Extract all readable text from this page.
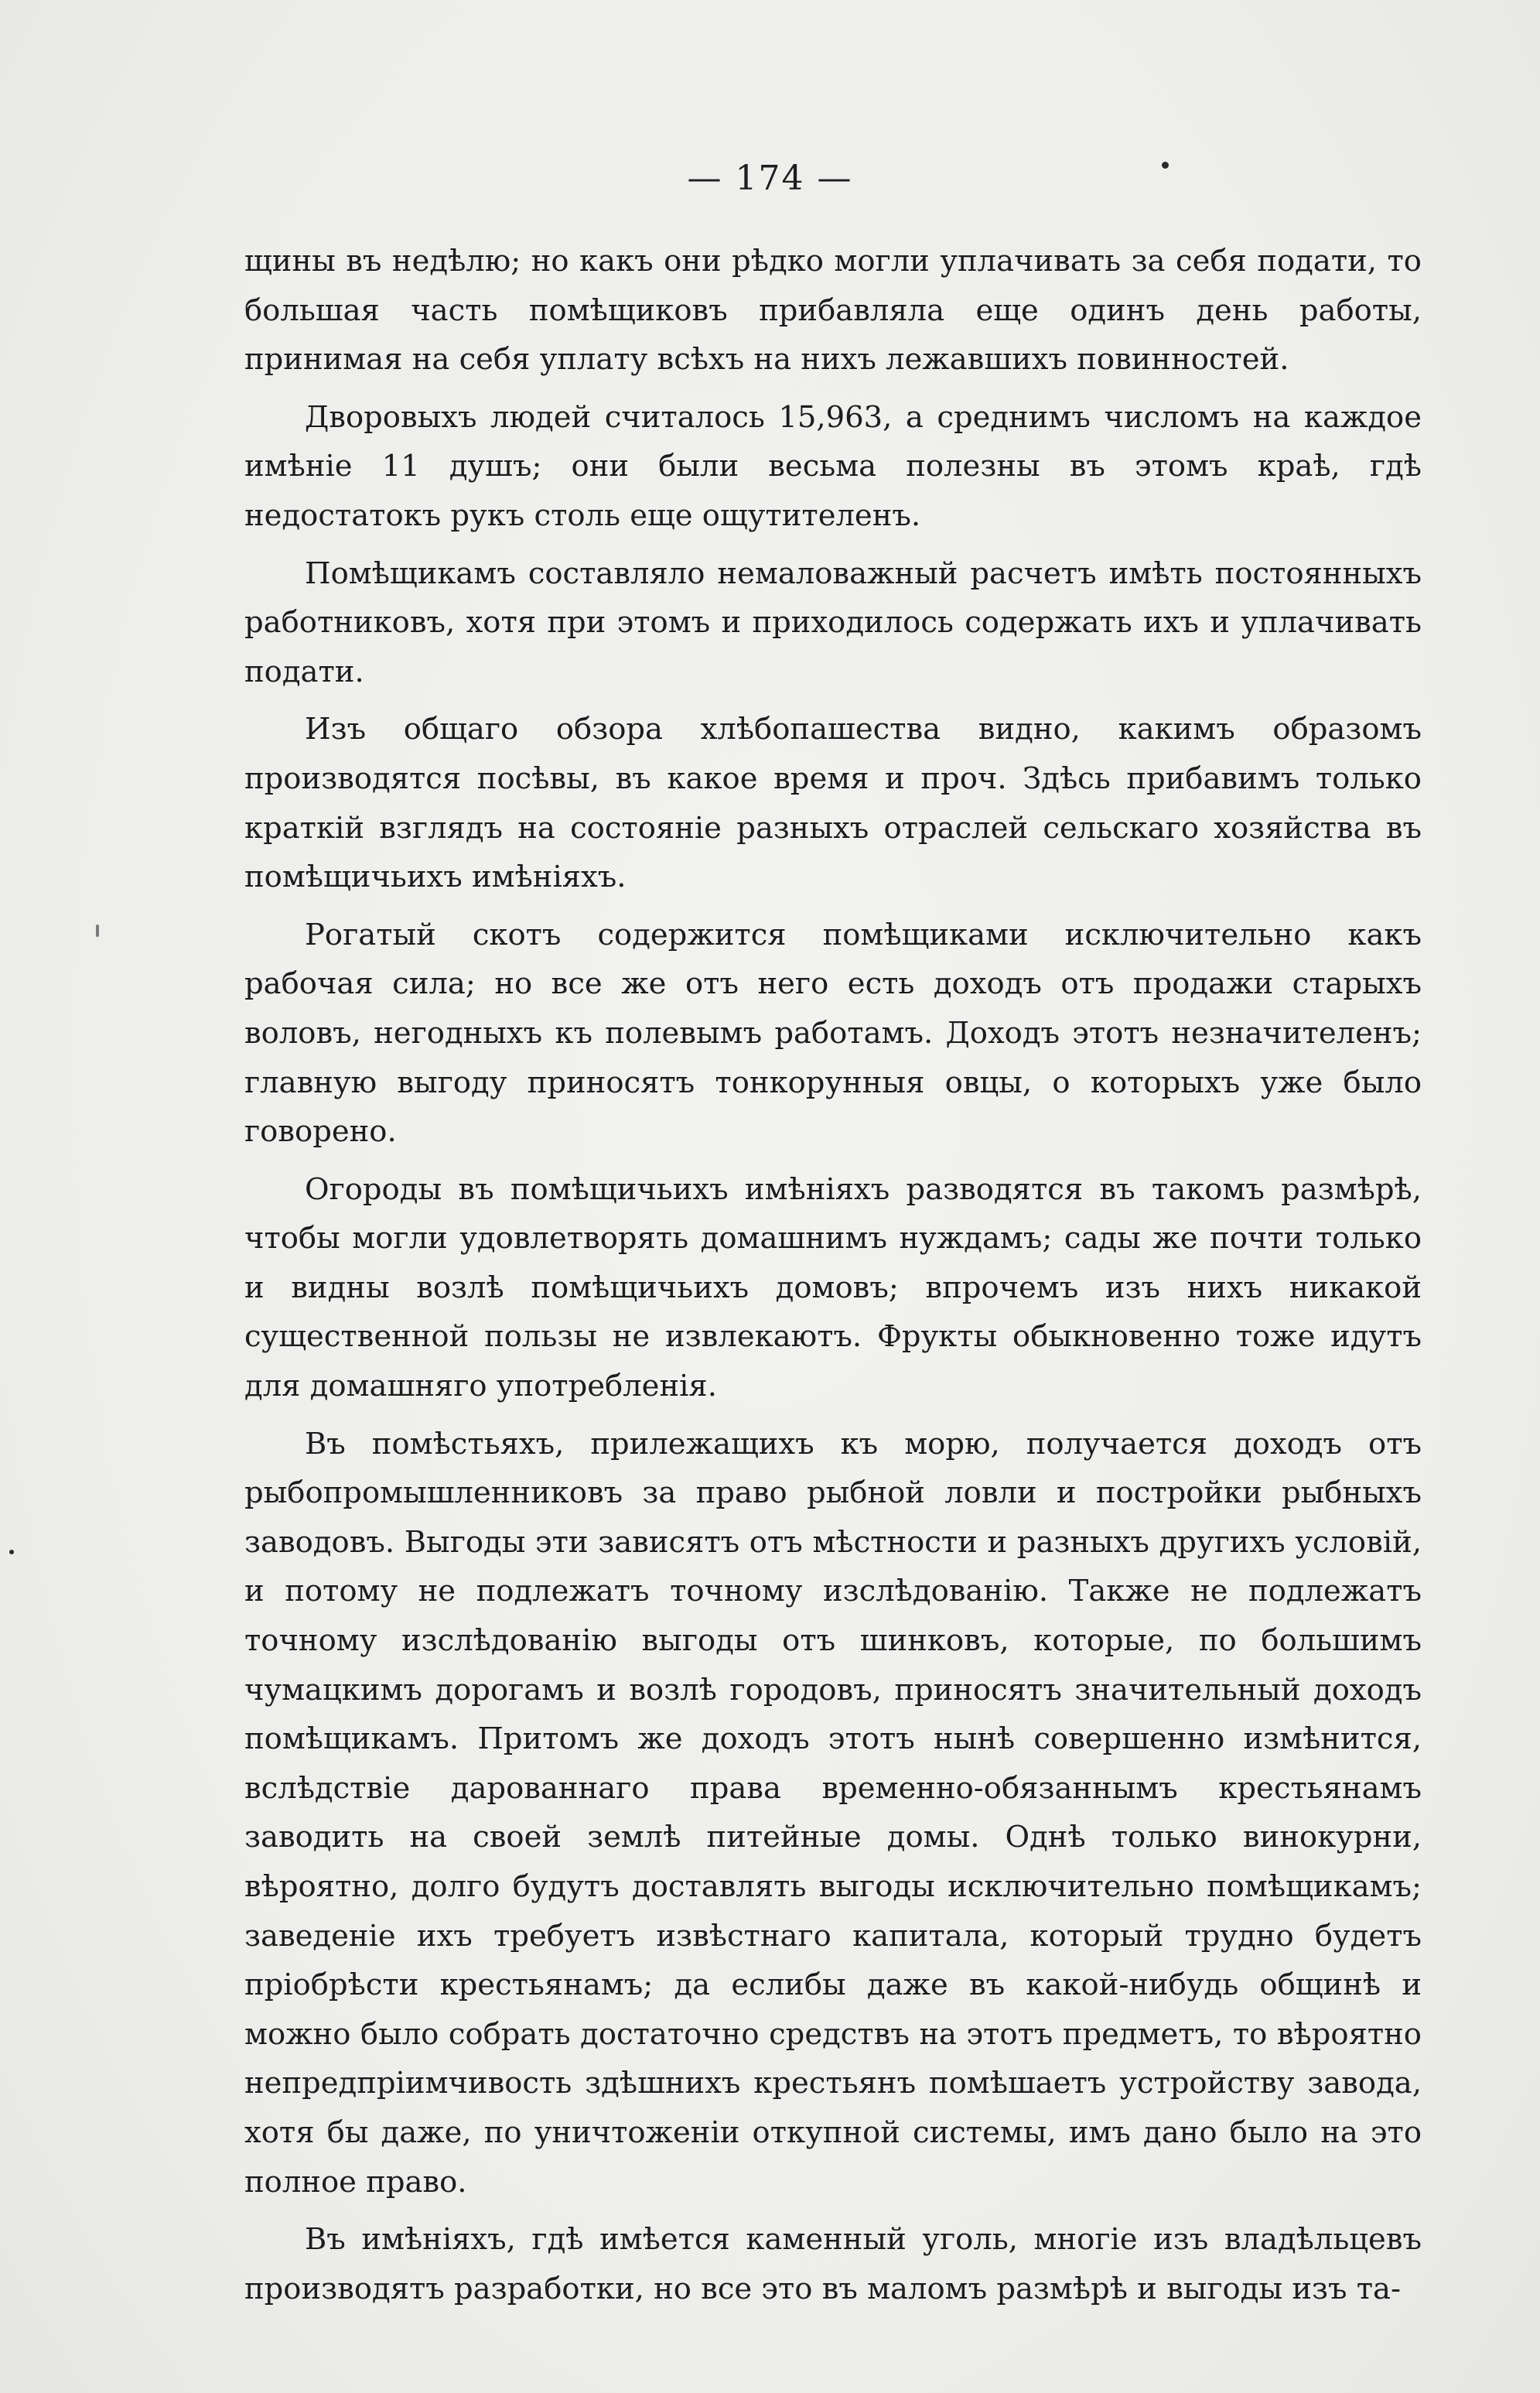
— 174 —

щины въ недѣлю; но какъ они рѣдко могли уплачивать за себя подати, то большая часть помѣщиковъ прибавляла еще одинъ день работы, принимая на себя уплату всѣхъ на нихъ лежавшихъ повинностей.

Дворовыхъ людей считалось 15,963, а среднимъ числомъ на каждое имѣніе 11 душъ; они были весьма полезны въ этомъ краѣ, гдѣ недостатокъ рукъ столь еще ощутителенъ.

Помѣщикамъ составляло немаловажный расчетъ имѣть постоянныхъ работниковъ, хотя при этомъ и приходилось содержать ихъ и уплачивать подати.

Изъ общаго обзора хлѣбопашества видно, какимъ образомъ производятся посѣвы, въ какое время и проч. Здѣсь прибавимъ только краткій взглядъ на состояніе разныхъ отраслей сельскаго хозяйства въ помѣщичьихъ имѣніяхъ.

Рогатый скотъ содержится помѣщиками исключительно какъ рабочая сила; но все же отъ него есть доходъ отъ продажи старыхъ воловъ, негодныхъ къ полевымъ работамъ. Доходъ этотъ незначителенъ; главную выгоду приносятъ тонкорунныя овцы, о которыхъ уже было говорено.

Огороды въ помѣщичьихъ имѣніяхъ разводятся въ такомъ размѣрѣ, чтобы могли удовлетворять домашнимъ нуждамъ; сады же почти только и видны возлѣ помѣщичьихъ домовъ; впрочемъ изъ нихъ никакой существенной пользы не извлекаютъ. Фрукты обыкновенно тоже идутъ для домашняго употребленія.

Въ помѣстьяхъ, прилежащихъ къ морю, получается доходъ отъ рыбопромышленниковъ за право рыбной ловли и постройки рыбныхъ заводовъ. Выгоды эти зависятъ отъ мѣстности и разныхъ другихъ условій, и потому не подлежатъ точному изслѣдованію. Также не подлежатъ точному изслѣдованію выгоды отъ шинковъ, которые, по большимъ чумацкимъ дорогамъ и возлѣ городовъ, приносятъ значительный доходъ помѣщикамъ. Притомъ же доходъ этотъ нынѣ совершенно измѣнится, вслѣдствіе дарованнаго права временно-обязаннымъ крестьянамъ заводить на своей землѣ питейные домы. Однѣ только винокурни, вѣроятно, долго будутъ доставлять выгоды исключительно помѣщикамъ; заведеніе ихъ требуетъ извѣстнаго капитала, который трудно будетъ пріобрѣсти крестьянамъ; да еслибы даже въ какой-нибудь общинѣ и можно было собрать достаточно средствъ на этотъ предметъ, то вѣроятно непредпріимчивость здѣшнихъ крестьянъ помѣшаетъ устройству завода, хотя бы даже, по уничтоженіи откупной системы, имъ дано было на это полное право.

Въ имѣніяхъ, гдѣ имѣется каменный уголь, многіе изъ владѣльцевъ производятъ разработки, но все это въ маломъ размѣрѣ и выгоды изъ та-
